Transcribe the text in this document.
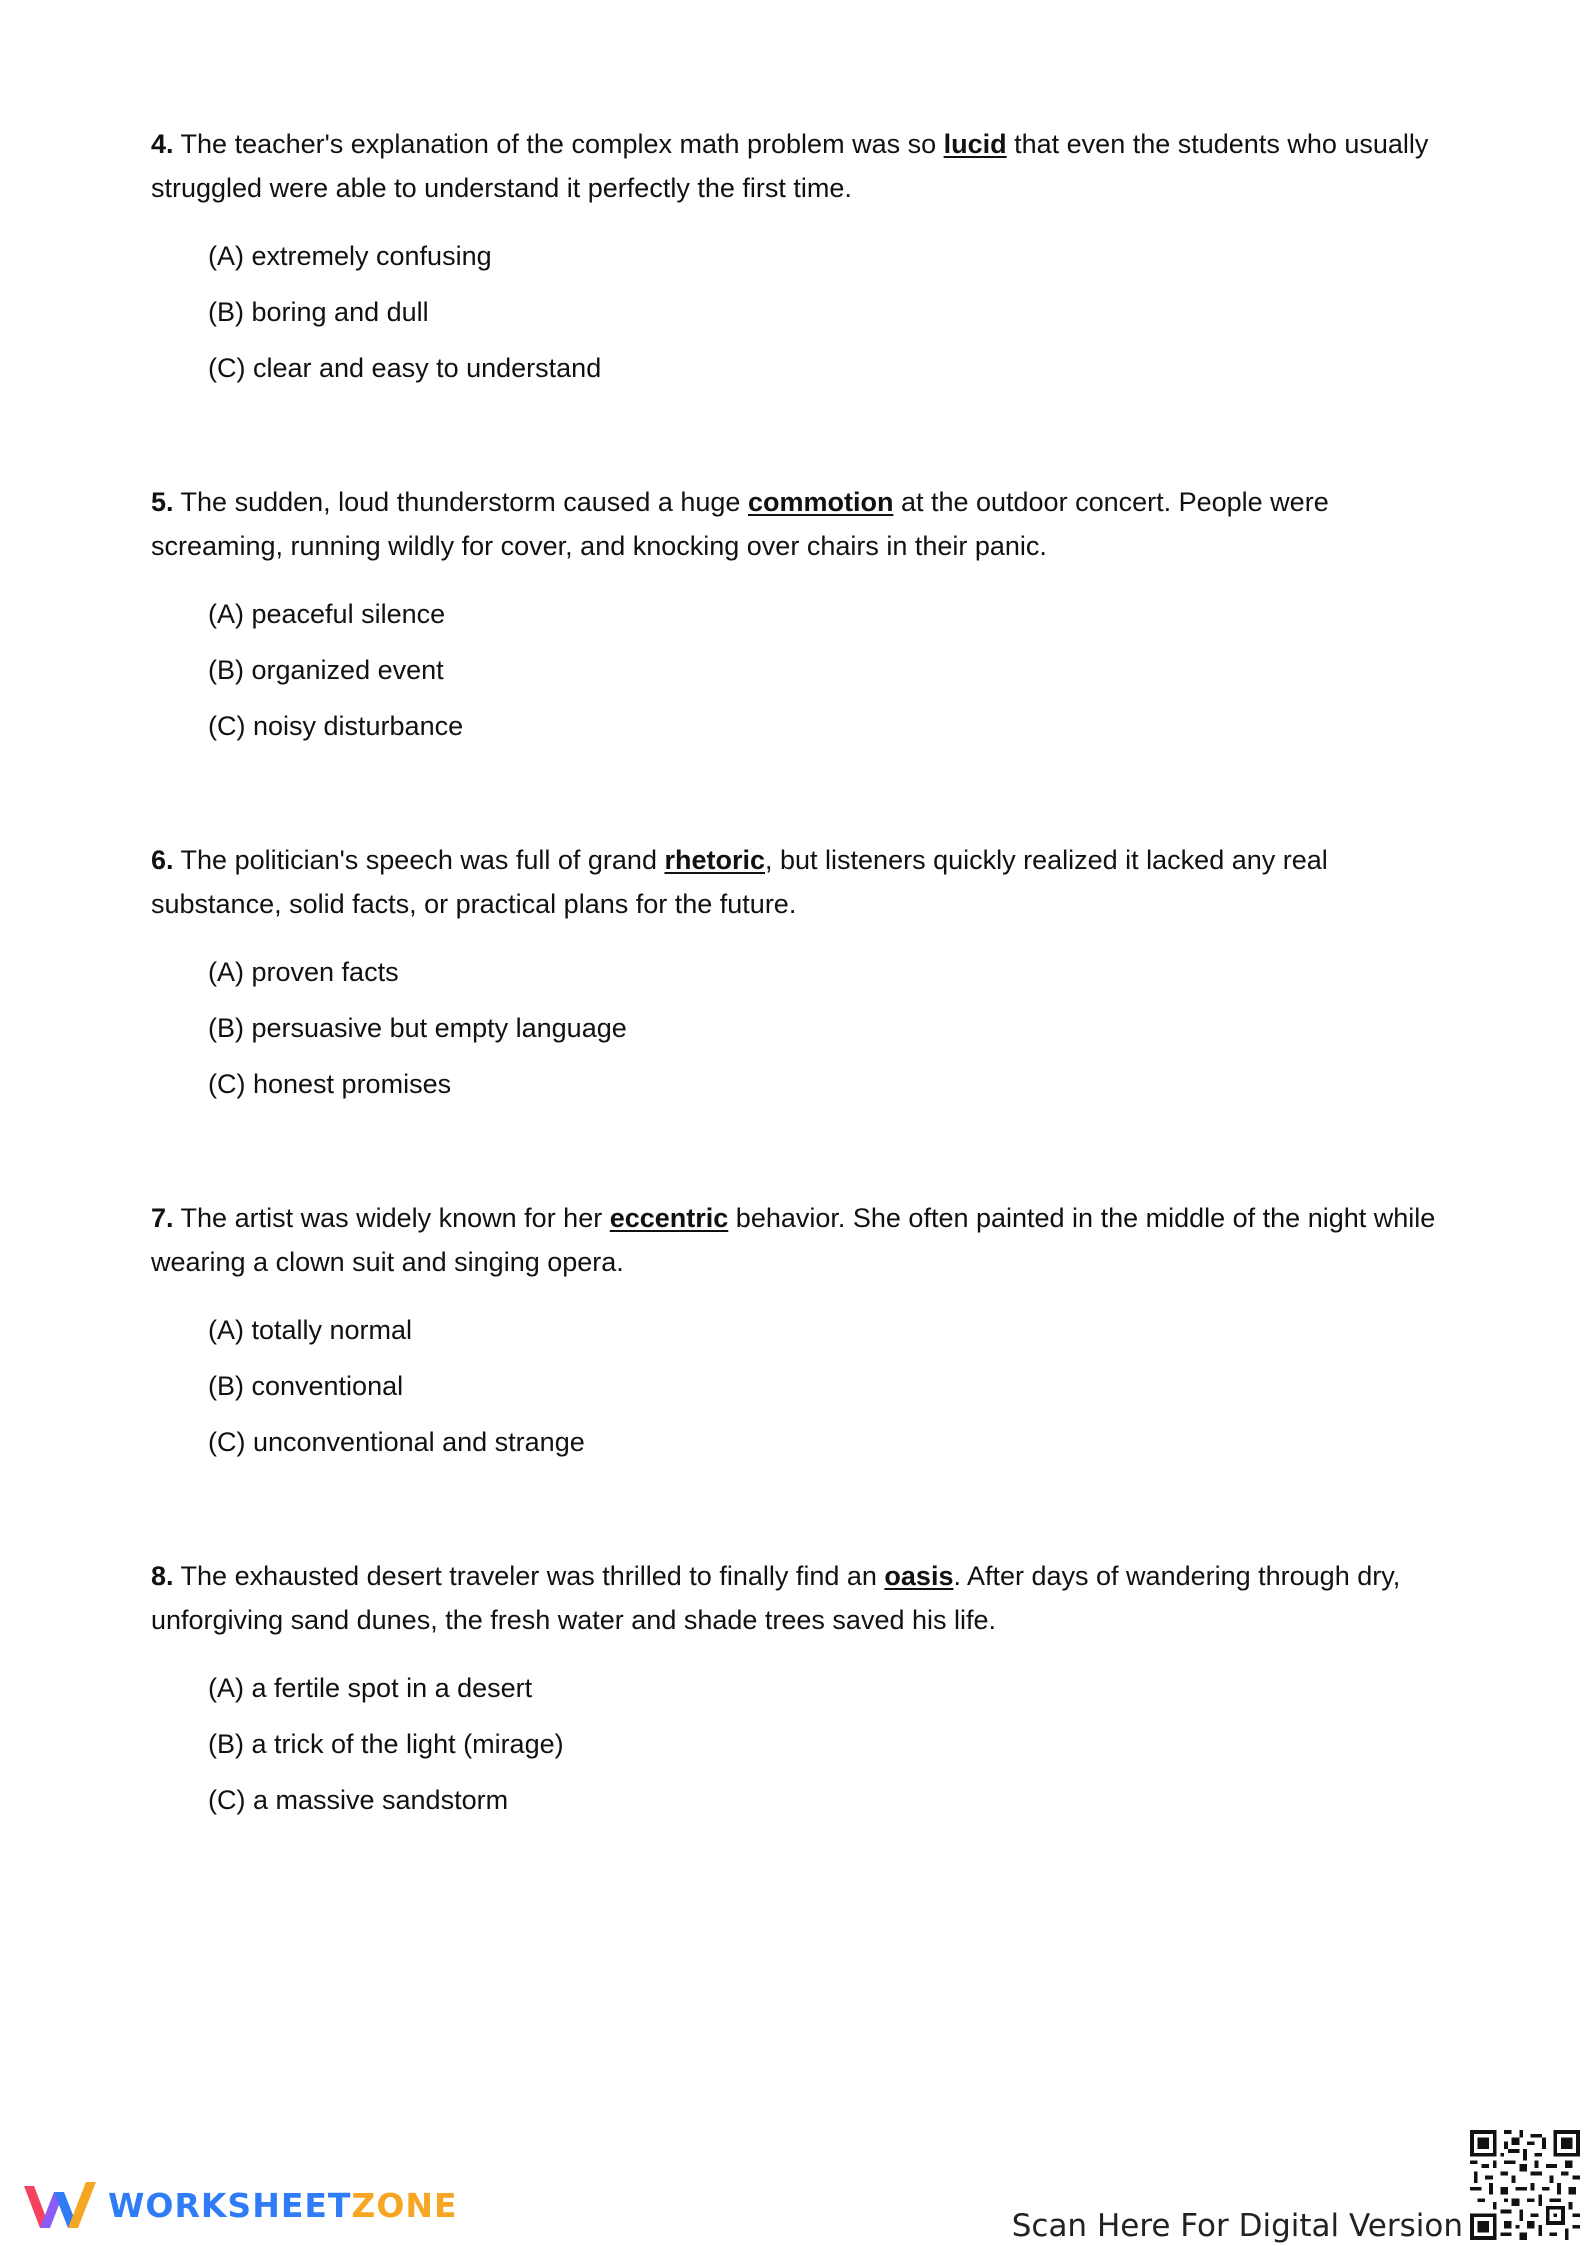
4. The teacher's explanation of the complex math problem was so lucid that even the students who usually struggled were able to understand it perfectly the first time.

(A) extremely confusing
(B) boring and dull
(C) clear and easy to understand

5. The sudden, loud thunderstorm caused a huge commotion at the outdoor concert. People were screaming, running wildly for cover, and knocking over chairs in their panic.

(A) peaceful silence
(B) organized event
(C) noisy disturbance

6. The politician's speech was full of grand rhetoric, but listeners quickly realized it lacked any real substance, solid facts, or practical plans for the future.

(A) proven facts
(B) persuasive but empty language
(C) honest promises

7. The artist was widely known for her eccentric behavior. She often painted in the middle of the night while wearing a clown suit and singing opera.

(A) totally normal
(B) conventional
(C) unconventional and strange

8. The exhausted desert traveler was thrilled to finally find an oasis. After days of wandering through dry, unforgiving sand dunes, the fresh water and shade trees saved his life.

(A) a fertile spot in a desert
(B) a trick of the light (mirage)
(C) a massive sandstorm
WORKSHEETZONE
Scan Here For Digital Version
